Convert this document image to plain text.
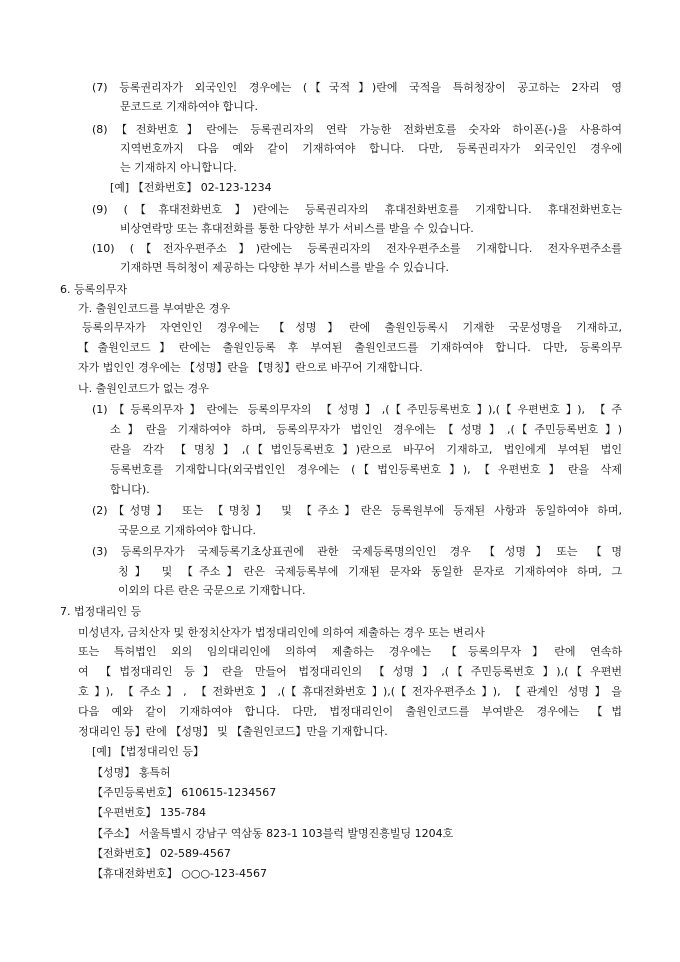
(7) 등록권리자가 외국인인 경우에는 (【국적】)란에 국적을 특허청장이 공고하는 2자리 영
문코드로 기재하여야 합니다.
(8)【전화번호】란에는 등록권리자의 연락 가능한 전화번호를 숫자와 하이폰(-)을 사용하여
지역번호까지 다음 예와 같이 기재하여야 합니다. 다만, 등록권리자가 외국인인 경우에
는 기재하지 아니합니다.
[예] 【전화번호】 02-123-1234
(9) (【휴대전화번호】)란에는 등록권리자의 휴대전화번호를 기재합니다. 휴대전화번호는
비상연락망 또는 휴대전화를 통한 다양한 부가 서비스를 받을 수 있습니다.
(10) (【전자우편주소】)란에는 등록권리자의 전자우편주소를 기재합니다. 전자우편주소를
기재하면 특허청이 제공하는 다양한 부가 서비스를 받을 수 있습니다.
6. 등록의무자
가. 출원인코드를 부여받은 경우
등록의무자가 자연인인 경우에는 【성명】란에 출원인등록시 기재한 국문성명을 기재하고,
【출원인코드】란에는 출원인등록 후 부여된 출원인코드를 기재하여야 합니다. 다만, 등록의무
자가 법인인 경우에는 【성명】란을 【명칭】란으로 바꾸어 기재합니다.
나. 출원인코드가 없는 경우
(1)【등록의무자】란에는 등록의무자의 【성명】,(【주민등록번호】),(【우편번호】), 【주
소】란을 기재하여야 하며, 등록의무자가 법인인 경우에는【성명】,(【주민등록번호】)
란을 각각 【명칭】,(【법인등록번호】)란으로 바꾸어 기재하고, 법인에게 부여된 법인
등록번호를 기재합니다(외국법인인 경우에는 (【법인등록번호】),【우편번호】란을 삭제
합니다).
(2)【성명】 또는 【명칭】 및 【주소】란은 등록원부에 등재된 사항과 동일하여야 하며,
국문으로 기재하여야 합니다.
(3) 등록의무자가 국제등록기초상표권에 관한 국제등록명의인인 경우 【성명】또는 【명
칭】 및 【주소】란은 국제등록부에 기재된 문자와 동일한 문자로 기재하여야 하며, 그
이외의 다른 란은 국문으로 기재합니다.
7. 법정대리인 등
미성년자, 금치산자 및 한정치산자가 법정대리인에 의하여 제출하는 경우 또는 변리사
또는 특허법인 외의 임의대리인에 의하여 제출하는 경우에는 【등록의무자】란에 연속하
여 【법정대리인 등】란을 만들어 법정대리인의 【성명】,(【주민등록번호】),(【우편번
호】), 【주소】, 【전화번호】,(【휴대전화번호】),(【전자우편주소】), 【관계인 성명】을
다음 예와 같이 기재하여야 합니다. 다만, 법정대리인이 출원인코드를 부여받은 경우에는 【법
정대리인 등】란에 【성명】 및 【출원인코드】만을 기재합니다.
[예] 【법정대리인 등】
【성명】 홍특허
【주민등록번호】 610615-1234567
【우편번호】 135-784
【주소】 서울특별시 강남구 역삼동 823-1 103블럭 발명진흥빌딩 1204호
【전화번호】 02-589-4567
【휴대전화번호】 ○○○-123-4567
